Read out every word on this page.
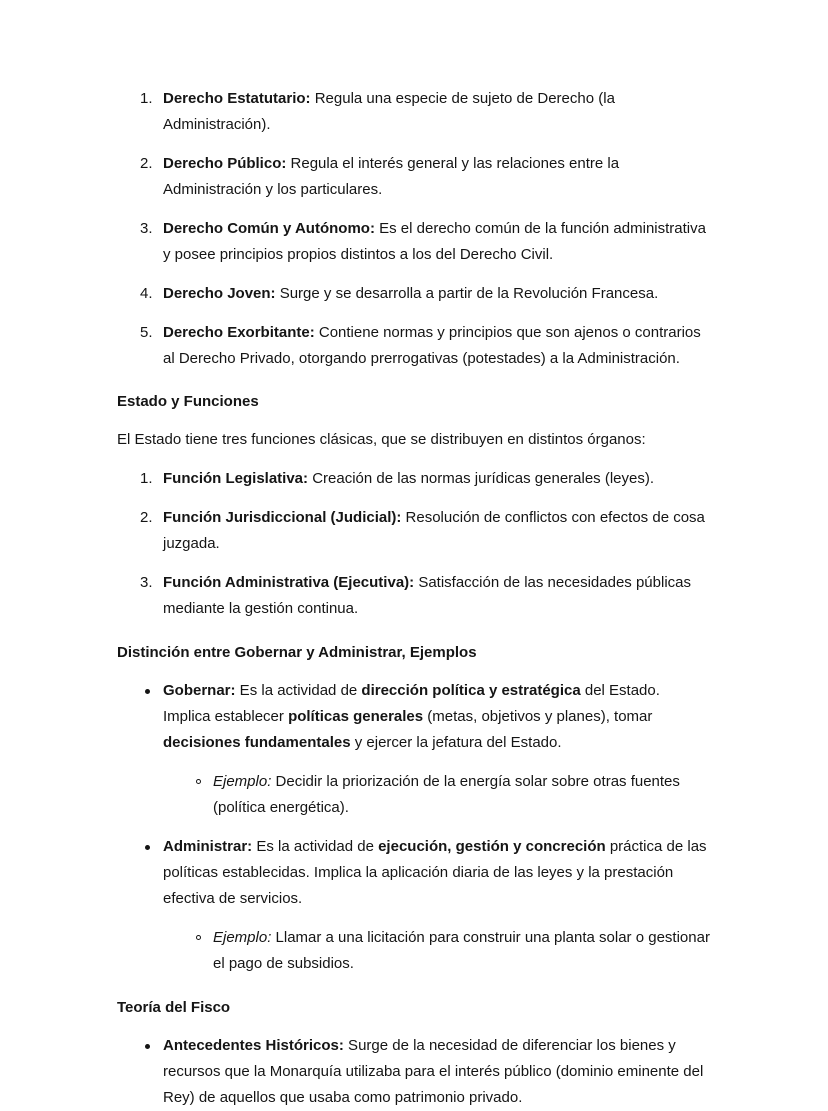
Derecho Estatutario: Regula una especie de sujeto de Derecho (la Administración).
Derecho Público: Regula el interés general y las relaciones entre la Administración y los particulares.
Derecho Común y Autónomo: Es el derecho común de la función administrativa y posee principios propios distintos a los del Derecho Civil.
Derecho Joven: Surge y se desarrolla a partir de la Revolución Francesa.
Derecho Exorbitante: Contiene normas y principios que son ajenos o contrarios al Derecho Privado, otorgando prerrogativas (potestades) a la Administración.
Estado y Funciones

El Estado tiene tres funciones clásicas, que se distribuyen en distintos órganos:

Función Legislativa: Creación de las normas jurídicas generales (leyes).
Función Jurisdiccional (Judicial): Resolución de conflictos con efectos de cosa juzgada.
Función Administrativa (Ejecutiva): Satisfacción de las necesidades públicas mediante la gestión continua.
Distinción entre Gobernar y Administrar, Ejemplos
Gobernar: Es la actividad de dirección política y estratégica del Estado. Implica establecer políticas generales (metas, objetivos y planes), tomar decisiones fundamentales y ejercer la jefatura del Estado.
Ejemplo: Decidir la priorización de la energía solar sobre otras fuentes (política energética).
Administrar: Es la actividad de ejecución, gestión y concreción práctica de las políticas establecidas. Implica la aplicación diaria de las leyes y la prestación efectiva de servicios.
Ejemplo: Llamar a una licitación para construir una planta solar o gestionar el pago de subsidios.
Teoría del Fisco
Antecedentes Históricos: Surge de la necesidad de diferenciar los bienes y recursos que la Monarquía utilizaba para el interés público (dominio eminente del Rey) de aquellos que usaba como patrimonio privado.
